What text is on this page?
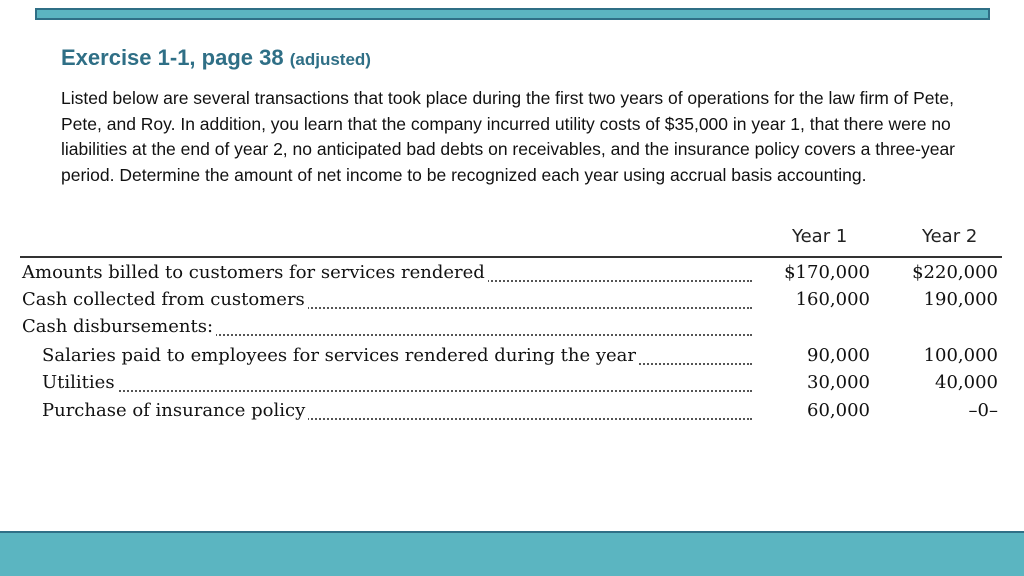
Exercise 1-1, page 38 (adjusted)

Listed below are several transactions that took place during the first two years of operations for the law firm of Pete, Pete, and Roy. In addition, you learn that the company incurred utility costs of $35,000 in year 1, that there were no liabilities at the end of year 2, no anticipated bad debts on receivables, and the insurance policy covers a three-year period. Determine the amount of net income to be recognized each year using accrual basis accounting.

Year 1	Year 2
Amounts billed to customers for services rendered	$170,000 $220,000
Cash collected from customers	160,000	190,000
Cash disbursements:
Salaries paid to employees for services rendered during the year	90,000	100,000
Utilities	30,000	40,000
Purchase of insurance policy	60,000	–0–
